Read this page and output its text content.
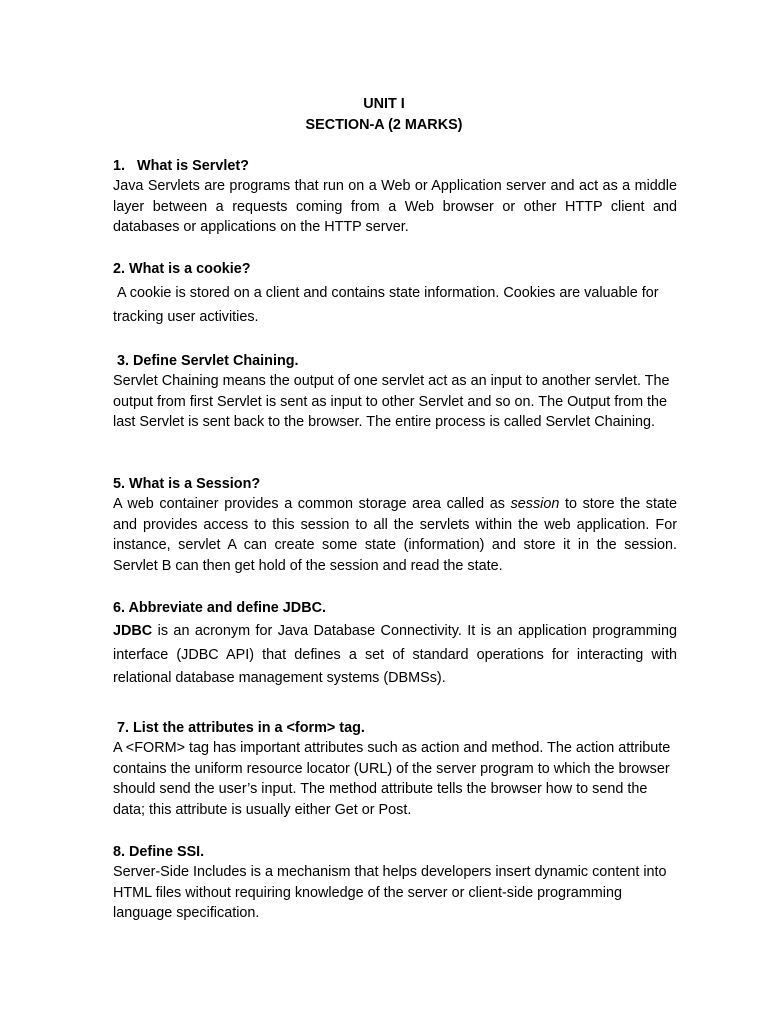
UNIT I
SECTION-A (2 MARKS)

1.   What is Servlet?

Java Servlets are programs that run on a Web or Application server and act as a middle layer between a requests coming from a Web browser or other HTTP client and databases or applications on the HTTP server.

2. What is a cookie?

A cookie is stored on a client and contains state information. Cookies are valuable for tracking user activities.

3. Define Servlet Chaining.

Servlet Chaining means the output of one servlet act as an input to another servlet. The output from first Servlet is sent as input to other Servlet and so on. The Output from the last Servlet is sent back to the browser. The entire process is called Servlet Chaining.

5. What is a Session?

A web container provides a common storage area called as session to store the state and provides access to this session to all the servlets within the web application. For instance, servlet A can create some state (information) and store it in the session. Servlet B can then get hold of the session and read the state.

6. Abbreviate and define JDBC.

JDBC is an acronym for Java Database Connectivity. It is an application programming interface (JDBC API) that defines a set of standard operations for interacting with relational database management systems (DBMSs).

7. List the attributes in a <form> tag.

A <FORM> tag has important attributes such as action and method. The action attribute contains the uniform resource locator (URL) of the server program to which the browser should send the user’s input. The method attribute tells the browser how to send the data; this attribute is usually either Get or Post.

8. Define SSI.

Server-Side Includes is a mechanism that helps developers insert dynamic content into HTML files without requiring knowledge of the server or client-side programming language specification.
